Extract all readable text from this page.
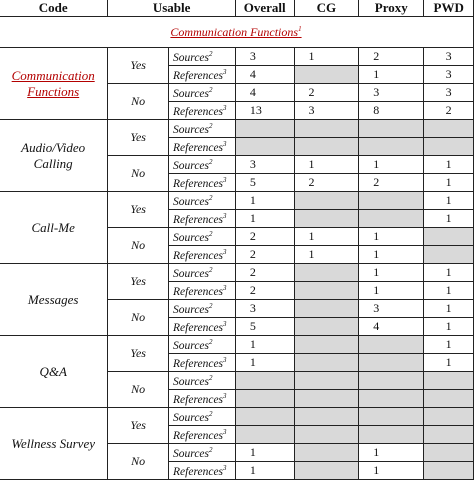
Code	Usable		Overall	CG	Proxy	PWD
Communication Functions$^1$
Communication Functions	Yes	Sources$^2$	3	1	2	3
		References$^3$	4		1	3
	No	Sources$^2$	4	2	3	3
		References$^3$	13	3	8	2
Audio/Video Calling	Yes	Sources$^2$				
		References$^3$				
	No	Sources$^2$	3	1	1	1
		References$^3$	5	2	2	1
Call-Me	Yes	Sources$^2$	1			1
		References$^3$	1			1
	No	Sources$^2$	2	1	1	
		References$^3$	2	1	1	
Messages	Yes	Sources$^2$	2		1	1
		References$^3$	2		1	1
	No	Sources$^2$	3		3	1
		References$^3$	5		4	1
Q&A	Yes	Sources$^2$	1			1
		References$^3$	1			1
	No	Sources$^2$				
		References$^3$				
Wellness Survey	Yes	Sources$^2$				
		References$^3$				
	No	Sources$^2$	1		1	
		References$^3$	1		1	
